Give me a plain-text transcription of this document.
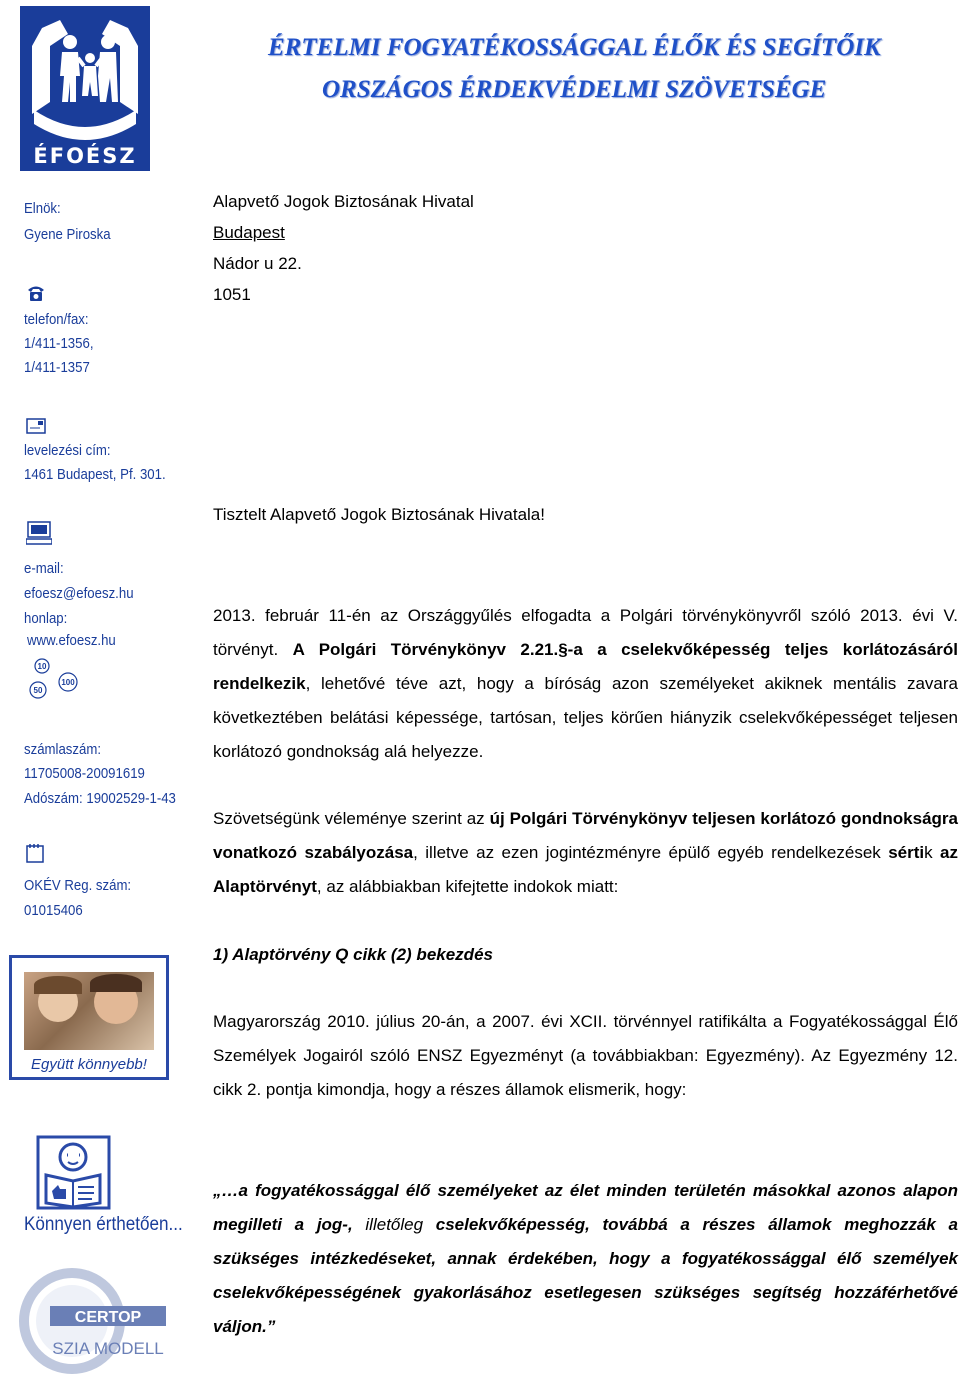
ÉFOÉSZ
ÉRTELMI FOGYATÉKOSSÁGGAL ÉLŐK ÉS SEGÍTŐIK
ORSZÁGOS ÉRDEKVÉDELMI SZÖVETSÉGE
Elnök:
Gyene Piroska
telefon/fax:
1/411-1356,
1/411-1357
levelezési cím:
1461 Budapest, Pf. 301.
e-mail:
efoesz@efoesz.hu
honlap:
www.efoesz.hu
10
50
100
számlaszám:
11705008-20091619
Adószám: 19002529-1-43
OKÉV Reg. szám:
01015406
Együtt könnyebb!
Könnyen érthetően...
CERTOP
SZIA MODELL
Alapvető Jogok Biztosának Hivatal
Budapest
Nádor u 22.
1051
Tisztelt Alapvető Jogok Biztosának Hivatala!

2013. február 11-én az Országgyűlés elfogadta a Polgári törvénykönyvről szóló 2013. évi V. törvényt. A Polgári Törvénykönyv 2.21.§-a a cselekvőképesség teljes korlátozásáról rendelkezik, lehetővé téve azt, hogy a bíróság azon személyeket akiknek mentális zavara következtében belátási képessége, tartósan, teljes körűen hiányzik cselekvőképességet teljesen korlátozó gondnokság alá helyezze.

Szövetségünk véleménye szerint az új Polgári Törvénykönyv teljesen korlátozó gondnokságra vonatkozó szabályozása, illetve az ezen jogintézményre épülő egyéb rendelkezések sértik az Alaptörvényt, az alábbiakban kifejtette indokok miatt:

1) Alaptörvény Q cikk (2) bekezdés

Magyarország 2010. július 20-án, a 2007. évi XCII. törvénnyel ratifikálta a Fogyatékossággal Élő Személyek Jogairól szóló ENSZ Egyezményt (a továbbiakban: Egyezmény). Az Egyezmény 12. cikk 2. pontja kimondja, hogy a részes államok elismerik, hogy:

„…a fogyatékossággal élő személyeket az élet minden területén másokkal azonos alapon megilleti a jog-, illetőleg cselekvőképesség, továbbá a részes államok meghozzák a szükséges intézkedéseket, annak érdekében, hogy a fogyatékossággal élő személyek cselekvőképességének gyakorlásához esetlegesen szükséges segítség hozzáférhetővé váljon.”
